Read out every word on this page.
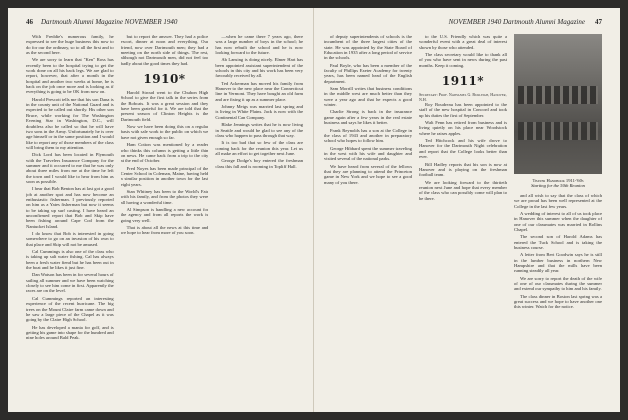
46 Dartmouth Alumni Magazine NOVEMBER 1940

With Freddie's numerous family, he expressed to see the huge business this now to do for our the ordinary, so to all the first and to as the second here.

We are sorry to learn that "Ken" Ross has recently been to the hospital trying to get the work done on all his back legs. We are glad to report, however, that after a month in the hospital and another two weeks at home, he is back on the job once more and is looking as if everything is going to be OK from now on.

Harold Prescott tells me that his son Dana is in the county unit of the National Guard and is expected to be called out shortly. His other son Bruce, while working for The Washington Evening Star in Washington, D.C., will doubtless also be called so that he will have two sons in the Army. Unfortunately he is over age himself or in the same position and I would like to report any of those members of the class will bring them to my attention.

Dick Lord has been located in Plymouth with the Travelers Insurance Company for the summer and it occurred to me that he was only about three miles from me at the time he left the town and I would like to hear from him as soon as possible.

I hear that Bob Benton has at last got a good job at another spot and has now become an enthusiastic fisherman. I previously reported on him as a Yates fisherman but now it seems to be taking up surf casting. I have heard an unconfirmed report that Bob and Skip have been fishing around Cape Cod from the Nantucket Island.

I do know that Bob is interested in going somewhere to go on an invasion of his own to that place and Skip will not be amused.

Cal Cummings is also one of the class who is taking up salt water fishing. Cal has always been a fresh water fiend but he has been out in the boat and he likes it just fine.

Dan Watson has been in for several hours of sailing all summer and we have been watching closely to see him come in first. Apparently the races are on the level.

Cal Cummings reported an interesting experience of the recent hurricane. The big trees on the Mount Claire farm came down and he saw a large piece of the Chapel as it was going by the Claire High School.

He has developed a mania for golf, and is getting his game into shape for the hundred and nine holes around Bald Peak.

but to report the answer. They had a police escort, dinner at noon and everything. Our friend, now over Dartmouth men; they had a meeting on the north side of things. The rest, although not Dartmouth men, did not feel too badly about the good times they had.

1910*

Harold Stroud went to the Chuhon High School to give the first talk in the series from the Bobcats. It was a great session and they have been grateful for it. We are told that the present season of Clinton Heights is the Dartmouth field.

Now we have been doing this on a regular basis with sale work to the public on which we have not given enough so far.

Ham Cotton was mentioned by a reader who thinks this column is getting a little thin on news. He came back from a trip to the city at the end of October.

Fred Noyes has been made principal of the Center School in Coleman, Maine, having held a similar position in another town for the last eight years.

Stan Whitney has been to the World's Fair with his family, and from the photos they were all having a wonderful time.

Al Simpson is handling a new account for the agency and from all reports the work is going very well.

That is about all the news at this time and we hope to hear from more of you soon.

—when he came there 7 years ago, there was a large number of boys in the school; he has now rebuilt the school and he is now looking forward to the future.

Ab Lansing is doing nicely. Elmer Hart has been appointed assistant superintendent of the schools in this city and his work has been very favorably received by all.

Ted Ackerman has moved his family from Hanover to the new place near the Connecticut line in Vermont. They have bought an old farm and are fixing it up as a summer place.

Johnny Meigs was married last spring and is living in White Plains. Jack is now with the Continental Can Company.

Blake Jennings writes that he is now living in Seattle and would be glad to see any of the class who happen to pass through that way.

It is too bad that so few of the class are coming back for the reunion this year. Let us all make an effort to get together next June.

George Dodge's boy entered the freshman class this fall and is rooming in Topliff Hall.

NOVEMBER 1940 Dartmouth Alumni Magazine 47

of deputy superintendents of schools is the incumbent of the three largest cities of the state. He was appointed by the State Board of Education in 1935 after a long period of service in the schools.

Paul Boyle, who has been a member of the faculty of Phillips Exeter Academy for twenty years, has been named head of the English department.

Sam Morrill writes that business conditions in the middle west are much better than they were a year ago and that he expects a good winter.

Charlie Strong is back in the insurance game again after a few years in the real estate business and says he likes it better.

Frank Reynolds has a son at the College in the class of 1943 and another in preparatory school who hopes to follow him.

George Hibbard spent the summer traveling in the west with his wife and daughter and visited several of the national parks.

We have heard from several of the fellows that they are planning to attend the Princeton game in New York and we hope to see a good many of you there.

to the U.S. Friendly which was quite a wonderful event with a great deal of interest shown by those who attended.

The class secretary would like to thank all of you who have sent in news during the past months. Keep it coming.

1911*
Secretary: Prof. Nathaniel G. Burleigh, Hanover, N.H.

Roy Boudreau has been appointed to the staff of the new hospital in Concord and took up his duties the first of September.

Walt Fenn has retired from business and is living quietly on his place near Woodstock where he raises apples.

Ted Hitchcock and his wife drove to Hanover for the Dartmouth Night celebration and report that the College looks better than ever.

Bill Hadley reports that his son is now at Hanover and is playing on the freshman football team.

We are looking forward to the thirtieth reunion next June and hope that every member of the class who can possibly come will plan to be there.

Thayer Handbook 1911-'60s
Starting for the 50th Reunion

and all wish to say that the class of which we are proud has been well represented at the College in the last few years.

A wedding of interest to all of us took place in Hanover this summer when the daughter of one of our classmates was married in Rollins Chapel.

The second son of Harold Adams has entered the Tuck School and is taking the business course.

A letter from Bert Goodwin says he is still in the lumber business in northern New Hampshire and that the mills have been running steadily all year.

We are sorry to report the death of the wife of one of our classmates during the summer and extend our sympathy to him and his family.

The class dinner in Boston last spring was a great success and we hope to have another one this winter. Watch for the notice.
